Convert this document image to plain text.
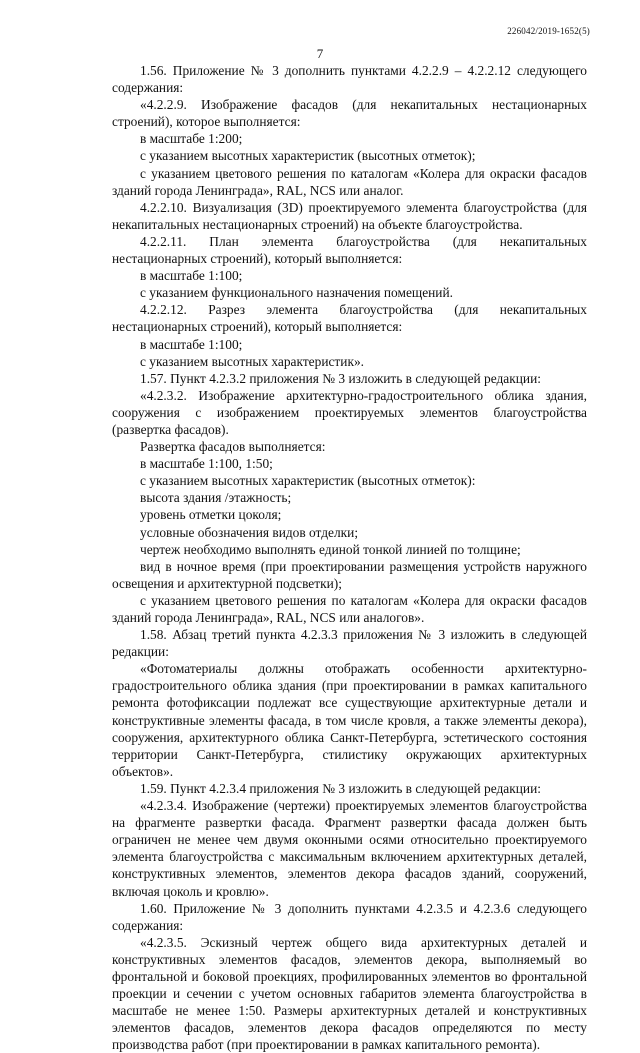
226042/2019-1652(5)
7

1.56. Приложение № 3 дополнить пунктами 4.2.2.9 – 4.2.2.12 следующего содержания:

«4.2.2.9. Изображение фасадов (для некапитальных нестационарных строений), которое выполняется:

в масштабе 1:200;

с указанием высотных характеристик (высотных отметок);

с указанием цветового решения по каталогам «Колера для окраски фасадов зданий города Ленинграда», RAL, NCS или аналог.

4.2.2.10. Визуализация (3D) проектируемого элемента благоустройства (для некапитальных нестационарных строений) на объекте благоустройства.

4.2.2.11. План элемента благоустройства (для некапитальных нестационарных строений), который выполняется:

в масштабе 1:100;

с указанием функционального назначения помещений.

4.2.2.12. Разрез элемента благоустройства (для некапитальных нестационарных строений), который выполняется:

в масштабе 1:100;

с указанием высотных характеристик».

1.57. Пункт 4.2.3.2 приложения № 3 изложить в следующей редакции:

«4.2.3.2. Изображение архитектурно-градостроительного облика здания, сооружения с изображением проектируемых элементов благоустройства (развертка фасадов).

Развертка фасадов выполняется:

в масштабе 1:100, 1:50;

с указанием высотных характеристик (высотных отметок):

высота здания /этажность;

уровень отметки цоколя;

условные обозначения видов отделки;

чертеж необходимо выполнять единой тонкой линией по толщине;

вид в ночное время (при проектировании размещения устройств наружного освещения и архитектурной подсветки);

с указанием цветового решения по каталогам «Колера для окраски фасадов зданий города Ленинграда», RAL, NCS или аналогов».

1.58. Абзац третий пункта 4.2.3.3 приложения № 3 изложить в следующей редакции:

«Фотоматериалы должны отображать особенности архитектурно-градостроительного облика здания (при проектировании в рамках капитального ремонта фотофиксации подлежат все существующие архитектурные детали и конструктивные элементы фасада, в том числе кровля, а также элементы декора), сооружения, архитектурного облика Санкт-Петербурга, эстетического состояния территории Санкт-Петербурга, стилистику окружающих архитектурных объектов».

1.59. Пункт 4.2.3.4 приложения № 3 изложить в следующей редакции:

«4.2.3.4. Изображение (чертежи) проектируемых элементов благоустройства на фрагменте развертки фасада. Фрагмент развертки фасада должен быть ограничен не менее чем двумя оконными осями относительно проектируемого элемента благоустройства с максимальным включением архитектурных деталей, конструктивных элементов, элементов декора фасадов зданий, сооружений, включая цоколь и кровлю».

1.60. Приложение № 3 дополнить пунктами 4.2.3.5 и 4.2.3.6 следующего содержания:

«4.2.3.5. Эскизный чертеж общего вида архитектурных деталей и конструктивных элементов фасадов, элементов декора, выполняемый во фронтальной и боковой проекциях, профилированных элементов во фронтальной проекции и сечении с учетом основных габаритов элемента благоустройства в масштабе не менее 1:50. Размеры архитектурных деталей и конструктивных элементов фасадов, элементов декора фасадов определяются по месту производства работ (при проектировании в рамках капитального ремонта).
